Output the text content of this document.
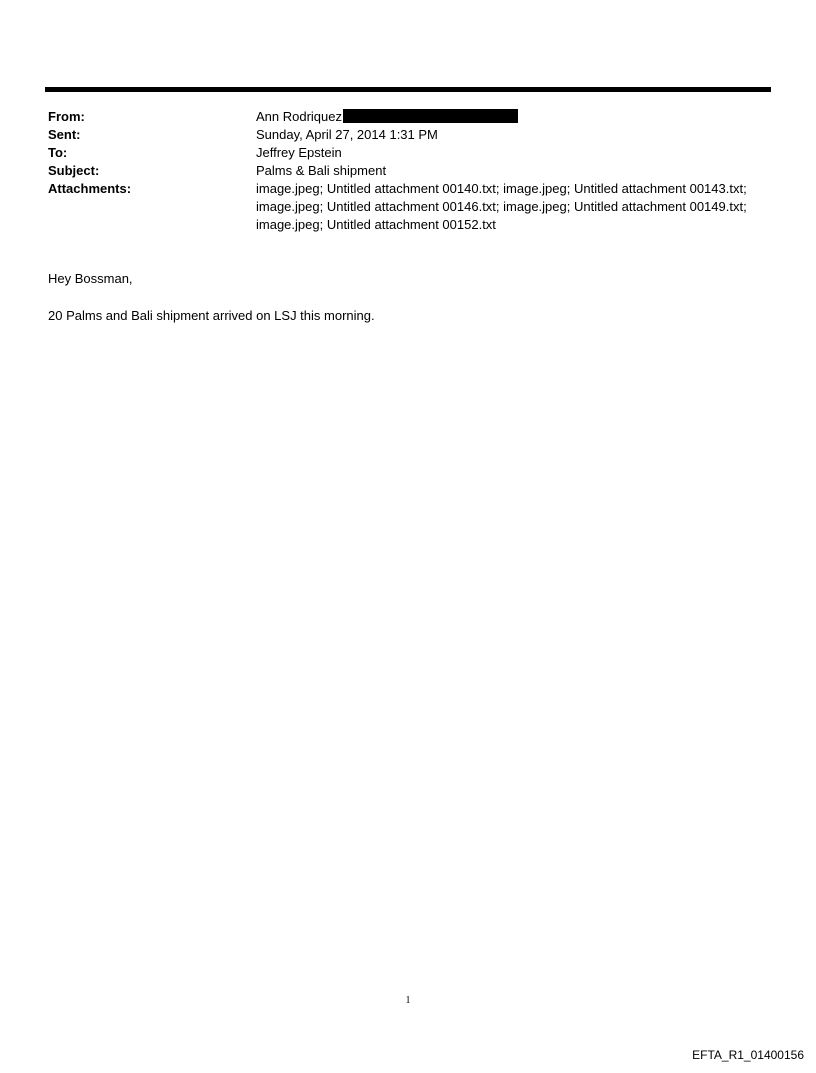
From:	Ann Rodriquez
Sent:	Sunday, April 27, 2014 1:31 PM
To:	Jeffrey Epstein
Subject:	Palms & Bali shipment
Attachments:	image.jpeg; Untitled attachment 00140.txt; image.jpeg; Untitled attachment 00143.txt; image.jpeg; Untitled attachment 00146.txt; image.jpeg; Untitled attachment 00149.txt; image.jpeg; Untitled attachment 00152.txt

Hey Bossman,

20 Palms and Bali shipment arrived on LSJ this morning.

1
EFTA_R1_01400156
